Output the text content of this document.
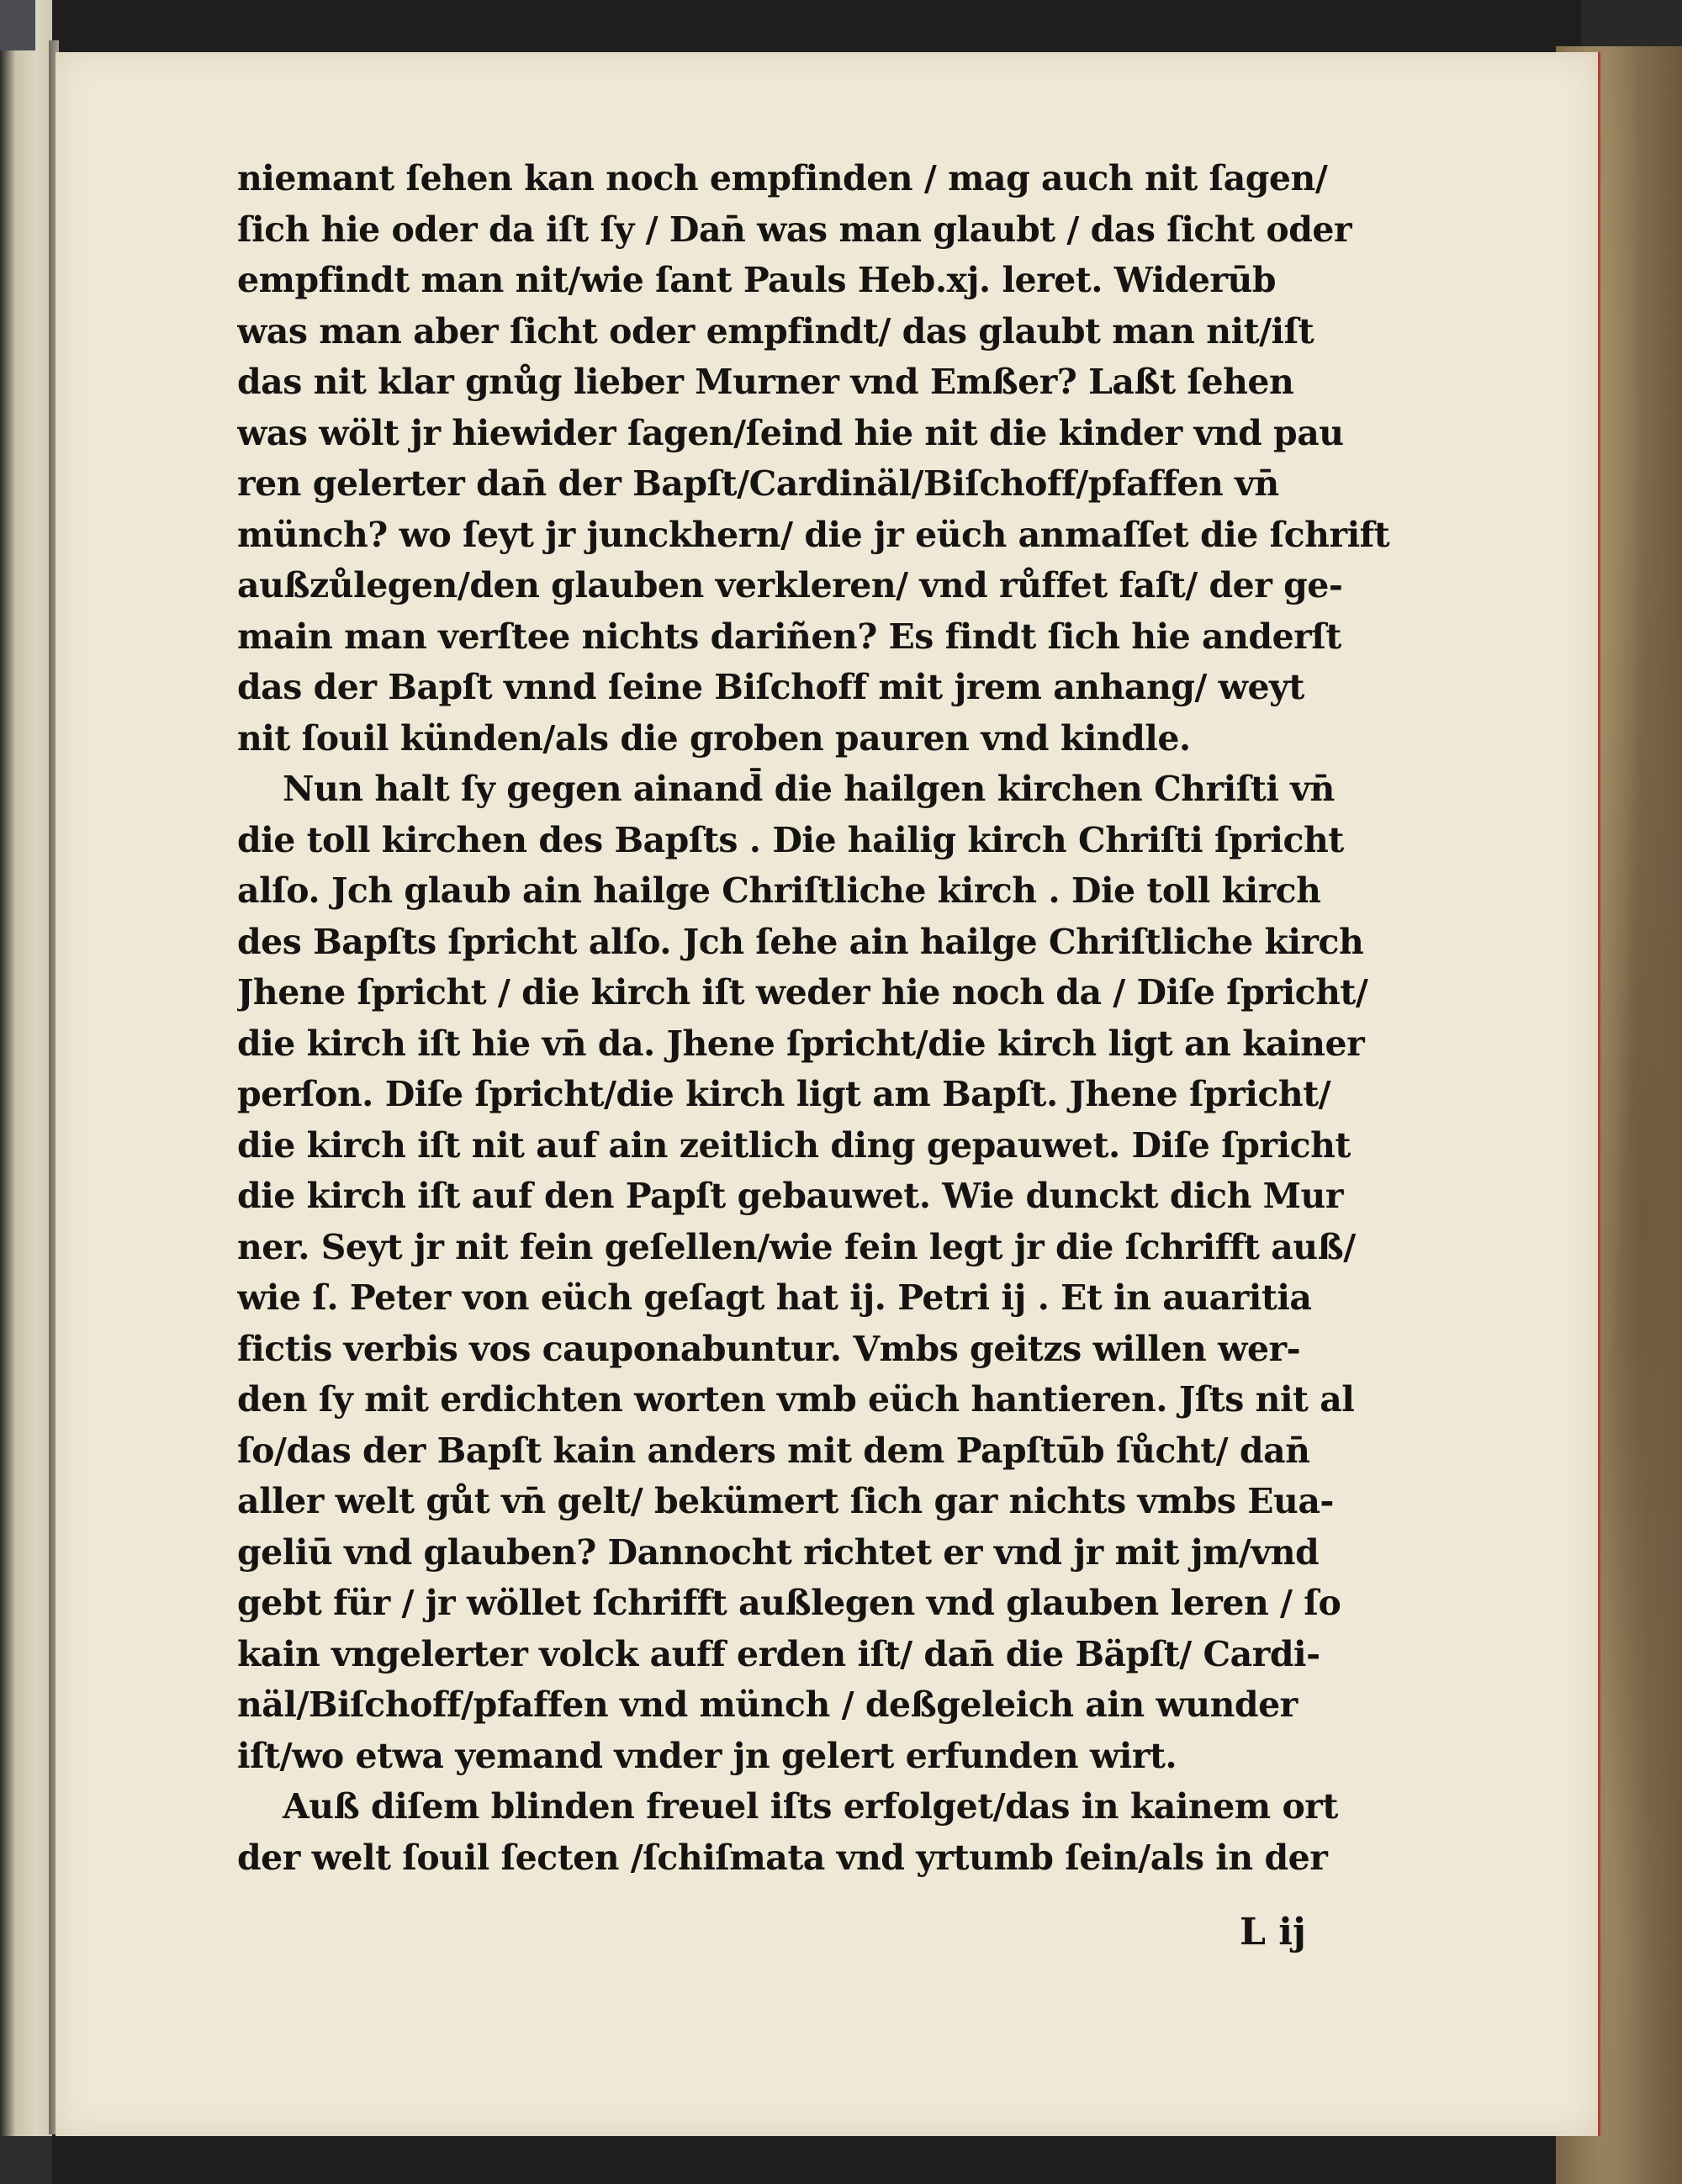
niemant ſehen kan noch empfinden / mag auch nit ſagen/
ſich hie oder da iſt ſy / Dan̄ was man glaubt / das ſicht oder
empfindt man nit/wie ſant Pauls Heb.xj. leret. Widerūb
was man aber ſicht oder empfindt/ das glaubt man nit/iſt
das nit klar gnůg lieber Murner vnd Emßer? Laßt ſehen
was wölt jr hiewider ſagen/ſeind hie nit die kinder vnd pau
ren gelerter dan̄ der Bapſt/Cardinäl/Biſchoff/pfaffen vn̄
münch? wo ſeyt jr junckhern/ die jr eüch anmaſſet die ſchrift
außzůlegen/den glauben verkleren/ vnd růffet faſt/ der ge‑
main man verſtee nichts dariñen? Es findt ſich hie anderſt
das der Bapſt vnnd ſeine Biſchoff mit jrem anhang/ weyt
nit ſouil künden/als die groben pauren vnd kindle.
Nun halt ſy gegen ainand̄ die hailgen kirchen Chriſti vn̄
die toll kirchen des Bapſts . Die hailig kirch Chriſti ſpricht
alſo. Jch glaub ain hailge Chriſtliche kirch . Die toll kirch
des Bapſts ſpricht alſo. Jch ſehe ain hailge Chriſtliche kirch
Jhene ſpricht / die kirch iſt weder hie noch da / Diſe ſpricht/
die kirch iſt hie vn̄ da. Jhene ſpricht/die kirch ligt an kainer
perſon. Diſe ſpricht/die kirch ligt am Bapſt. Jhene ſpricht/
die kirch iſt nit auf ain zeitlich ding gepauwet. Diſe ſpricht
die kirch iſt auf den Papſt gebauwet. Wie dunckt dich Mur
ner. Seyt jr nit fein geſellen/wie fein legt jr die ſchrifft auß/
wie ſ. Peter von eüch geſagt hat ij. Petri ij . Et in auaritia
fictis verbis vos cauponabuntur. Vmbs geitzs willen wer‑
den ſy mit erdichten worten vmb eüch hantieren. Jſts nit al
ſo/das der Bapſt kain anders mit dem Papſtūb ſůcht/ dan̄
aller welt gůt vn̄ gelt/ bekümert ſich gar nichts vmbs Eua‑
geliū vnd glauben? Dannocht richtet er vnd jr mit jm/vnd
gebt für / jr wöllet ſchrifft außlegen vnd glauben leren / ſo
kain vngelerter volck auff erden iſt/ dan̄ die Bäpſt/ Cardi‑
näl/Biſchoff/pfaffen vnd münch / deßgeleich ain wunder
iſt/wo etwa yemand vnder jn gelert erfunden wirt.
Auß diſem blinden freuel iſts erfolget/das in kainem ort
der welt ſouil ſecten /ſchiſmata vnd yrtumb ſein/als in der
L ij
